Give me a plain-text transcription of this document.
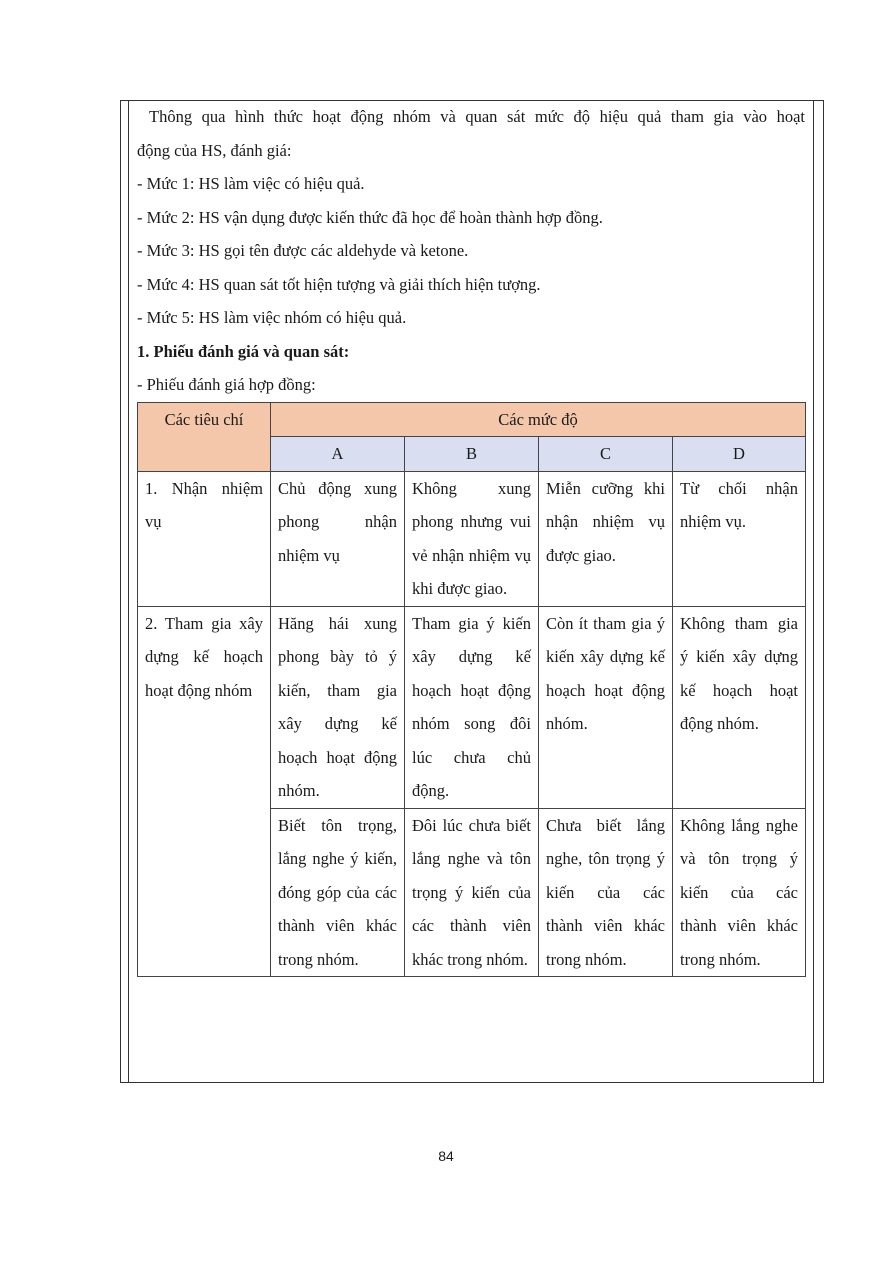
Thông qua hình thức hoạt động nhóm và quan sát mức độ hiệu quả tham gia vào hoạt

động của HS, đánh giá:

- Mức 1: HS làm việc có hiệu quả.

- Mức 2: HS vận dụng được kiến thức đã học để hoàn thành hợp đồng.

- Mức 3: HS gọi tên được các aldehyde và ketone.

- Mức 4: HS quan sát tốt hiện tượng và giải thích hiện tượng.

- Mức 5: HS làm việc nhóm có hiệu quả.

1. Phiếu đánh giá và quan sát:

- Phiếu đánh giá hợp đồng:

Các tiêu chí	Các mức độ			
	A	B	C	D
1. Nhận nhiệm vụ	Chủ động xung phong nhận nhiệm vụ	Không xung phong nhưng vui vẻ nhận nhiệm vụ khi được giao.	Miễn cưỡng khi nhận nhiệm vụ được giao.	Từ chối nhận nhiệm vụ.
2. Tham gia xây dựng kế hoạch hoạt động nhóm	Hăng hái xung phong bày tỏ ý kiến, tham gia xây dựng kế hoạch hoạt động nhóm.	Tham gia ý kiến xây dựng kế hoạch hoạt động nhóm song đôi lúc chưa chủ động.	Còn ít tham gia ý kiến xây dựng kế hoạch hoạt động nhóm.	Không tham gia ý kiến xây dựng kế hoạch hoạt động nhóm.
	Biết tôn trọng, lắng nghe ý kiến, đóng góp của các thành viên khác trong nhóm.	Đôi lúc chưa biết lắng nghe và tôn trọng ý kiến của các thành viên khác trong nhóm.	Chưa biết lắng nghe, tôn trọng ý kiến của các thành viên khác trong nhóm.	Không lắng nghe và tôn trọng ý kiến của các thành viên khác trong nhóm.
84
